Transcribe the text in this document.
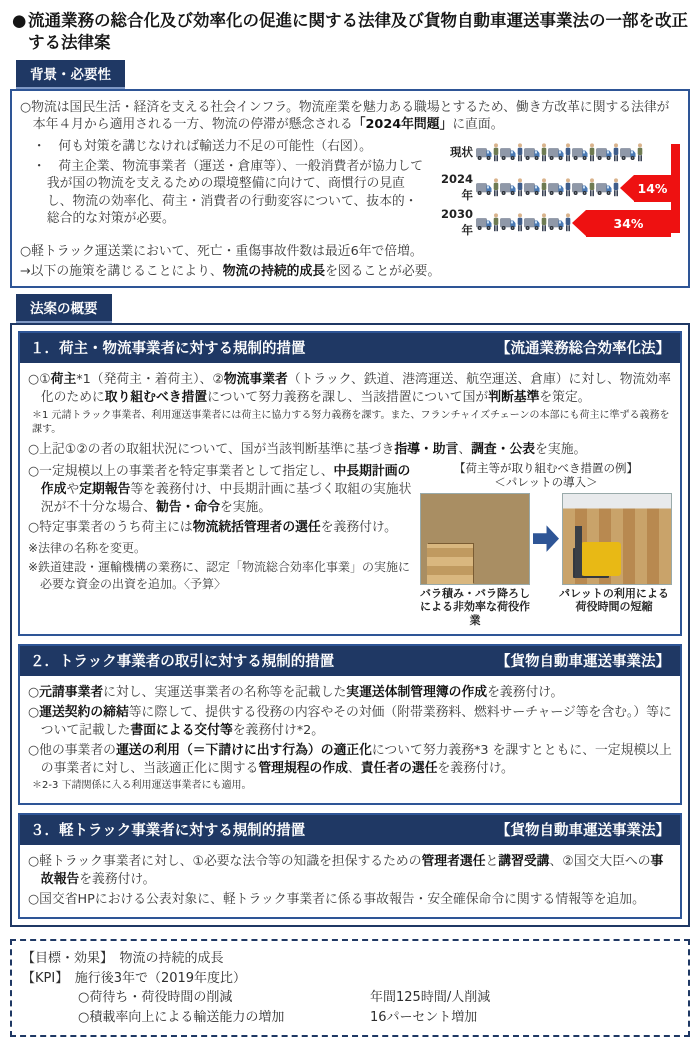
● 流通業務の総合化及び効率化の促進に関する法律及び貨物自動車運送事業法の一部を改正する法律案
背景・必要性
○物流は国民生活・経済を支える社会インフラ。物流産業を魅力ある職場とするため、働き方改革に関する法律が本年４月から適用される一方、物流の停滞が懸念される「2024年問題」に直面。
・　何も対策を講じなければ輸送力不足の可能性（右図）。
・　荷主企業、物流事業者（運送・倉庫等）、一般消費者が協力して我が国の物流を支えるための環境整備に向けて、商慣行の見直し、物流の効率化、荷主・消費者の行動変容について、抜本的・総合的な対策が必要。
現状
2024年	14%
2030年	34%
○軽トラック運送業において、死亡・重傷事故件数は最近6年で倍増。
→以下の施策を講じることにより、物流の持続的成長を図ることが必要。
法案の概要
１．荷主・物流事業者に対する規制的措置	【流通業務総合効率化法】
○①荷主*1（発荷主・着荷主）、②物流事業者（トラック、鉄道、港湾運送、航空運送、倉庫）に対し、物流効率化のために取り組むべき措置について努力義務を課し、当該措置について国が判断基準を策定。
＊1 元請トラック事業者、利用運送事業者には荷主に協力する努力義務を課す。また、フランチャイズチェーンの本部にも荷主に準ずる義務を課す。
○上記①②の者の取組状況について、国が当該判断基準に基づき指導・助言、調査・公表を実施。
○一定規模以上の事業者を特定事業者として指定し、中長期計画の作成や定期報告等を義務付け、中長期計画に基づく取組の実施状況が不十分な場合、勧告・命令を実施。
○特定事業者のうち荷主には物流統括管理者の選任を義務付け。
※法律の名称を変更。
※鉄道建設・運輸機構の業務に、認定「物流総合効率化事業」の実施に必要な資金の出資を追加。〈予算〉
【荷主等が取り組むべき措置の例】
＜パレットの導入＞
バラ積み・バラ降ろしによる非効率な荷役作業
パレットの利用による荷役時間の短縮
２．トラック事業者の取引に対する規制的措置	【貨物自動車運送事業法】
○元請事業者に対し、実運送事業者の名称等を記載した実運送体制管理簿の作成を義務付け。
○運送契約の締結等に際して、提供する役務の内容やその対価（附帯業務料、燃料サーチャージ等を含む。）等について記載した書面による交付等を義務付け*2。
○他の事業者の運送の利用（＝下請けに出す行為）の適正化について努力義務*3 を課すとともに、一定規模以上の事業者に対し、当該適正化に関する管理規程の作成、責任者の選任を義務付け。
＊2-3 下請関係に入る利用運送事業者にも適用。
３．軽トラック事業者に対する規制的措置	【貨物自動車運送事業法】
○軽トラック事業者に対し、①必要な法令等の知識を担保するための管理者選任と講習受講、②国交大臣への事故報告を義務付け。
○国交省HPにおける公表対象に、軽トラック事業者に係る事故報告・安全確保命令に関する情報等を追加。
【目標・効果】　物流の持続的成長
【KPI】　施行後3年で（2019年度比）
○荷待ち・荷役時間の削減	年間125時間/人削減
○積載率向上による輸送能力の増加	16パーセント増加
